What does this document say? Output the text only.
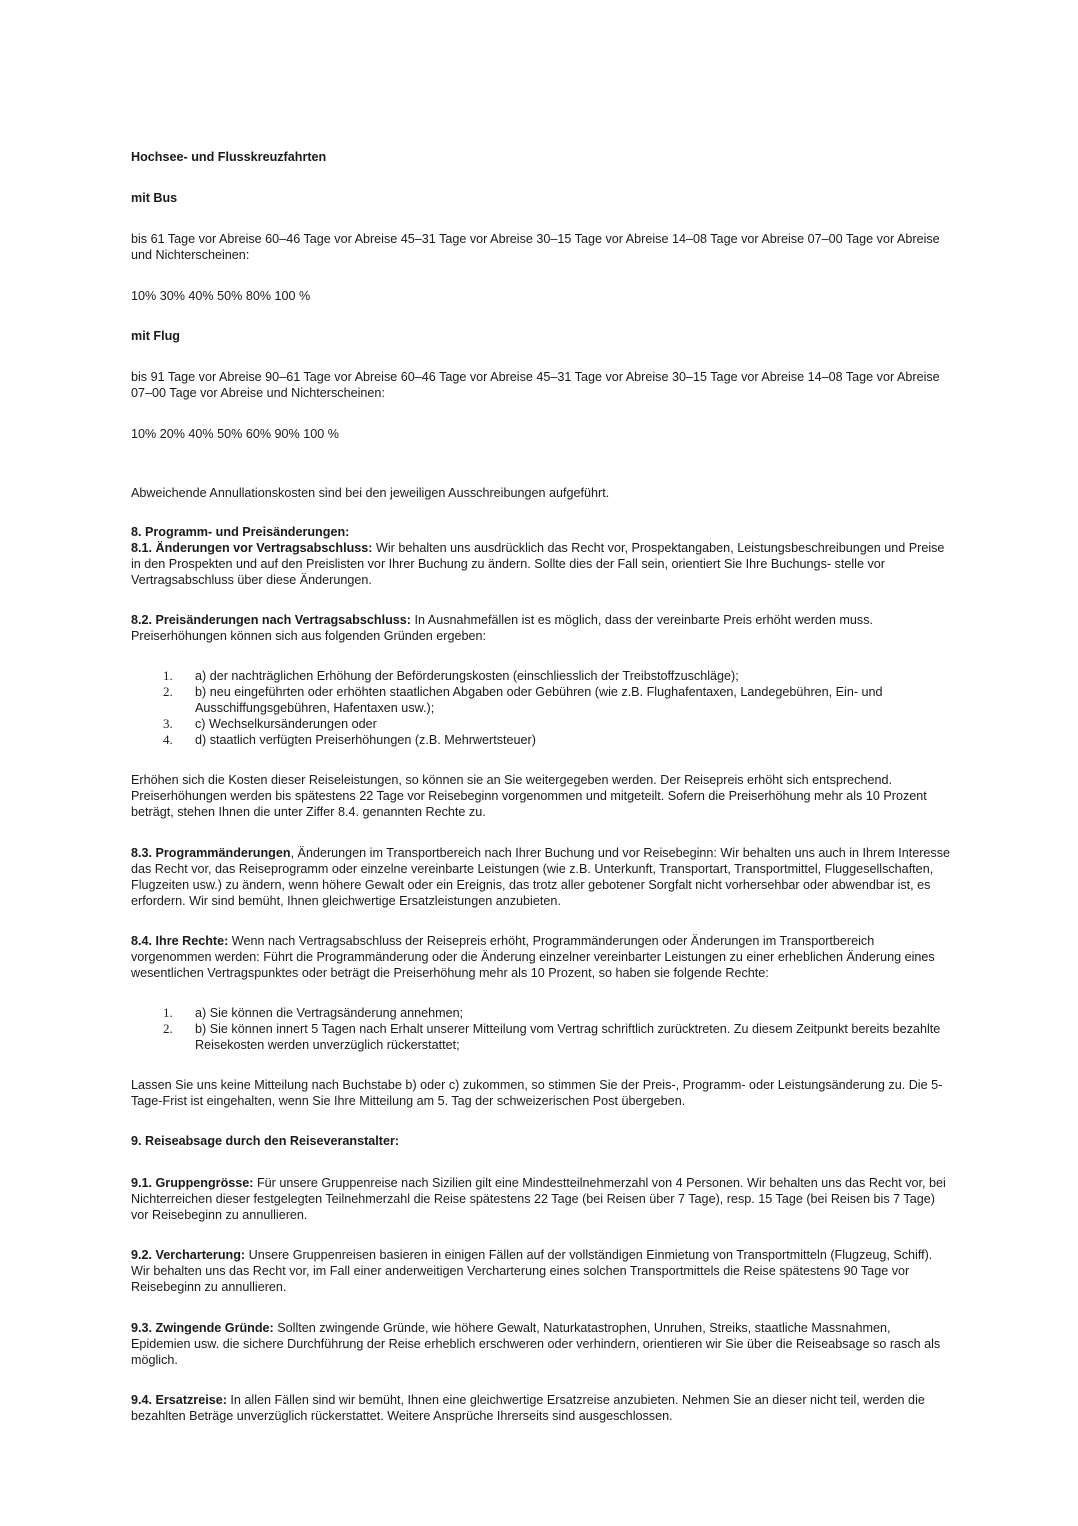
Hochsee- und Flusskreuzfahrten

mit Bus

bis 61 Tage vor Abreise 60–46 Tage vor Abreise 45–31 Tage vor Abreise 30–15 Tage vor Abreise 14–08 Tage vor Abreise 07–00 Tage vor Abreise und Nichterscheinen:

10% 30% 40% 50% 80% 100 %

mit Flug

bis 91 Tage vor Abreise 90–61 Tage vor Abreise 60–46 Tage vor Abreise 45–31 Tage vor Abreise 30–15 Tage vor Abreise 14–08 Tage vor Abreise 07–00 Tage vor Abreise und Nichterscheinen:

10% 20% 40% 50% 60% 90% 100 %

Abweichende Annullationskosten sind bei den jeweiligen Ausschreibungen aufgeführt.

8. Programm- und Preisänderungen:

8.1. Änderungen vor Vertragsabschluss: Wir behalten uns ausdrücklich das Recht vor, Prospektangaben, Leistungsbeschreibungen und Preise in den Prospekten und auf den Preislisten vor Ihrer Buchung zu ändern. Sollte dies der Fall sein, orientiert Sie Ihre Buchungs- stelle vor Vertragsabschluss über diese Änderungen.

8.2. Preisänderungen nach Vertragsabschluss: In Ausnahmefällen ist es möglich, dass der vereinbarte Preis erhöht werden muss. Preiserhöhungen können sich aus folgenden Gründen ergeben:

1. a) der nachträglichen Erhöhung der Beförderungskosten (einschliesslich der Treibstoffzuschläge);
2. b) neu eingeführten oder erhöhten staatlichen Abgaben oder Gebühren (wie z.B. Flughafentaxen, Landegebühren, Ein- und Ausschiffungsgebühren, Hafentaxen usw.);
3. c) Wechselkursänderungen oder
4. d) staatlich verfügten Preiserhöhungen (z.B. Mehrwertsteuer)

Erhöhen sich die Kosten dieser Reiseleistungen, so können sie an Sie weitergegeben werden. Der Reisepreis erhöht sich entsprechend. Preiserhöhungen werden bis spätestens 22 Tage vor Reisebeginn vorgenommen und mitgeteilt. Sofern die Preiserhöhung mehr als 10 Prozent beträgt, stehen Ihnen die unter Ziffer 8.4. genannten Rechte zu.

8.3. Programmänderungen, Änderungen im Transportbereich nach Ihrer Buchung und vor Reisebeginn: Wir behalten uns auch in Ihrem Interesse das Recht vor, das Reiseprogramm oder einzelne vereinbarte Leistungen (wie z.B. Unterkunft, Transportart, Transportmittel, Fluggesellschaften, Flugzeiten usw.) zu ändern, wenn höhere Gewalt oder ein Ereignis, das trotz aller gebotener Sorgfalt nicht vorhersehbar oder abwendbar ist, es erfordern. Wir sind bemüht, Ihnen gleichwertige Ersatzleistungen anzubieten.

8.4. Ihre Rechte: Wenn nach Vertragsabschluss der Reisepreis erhöht, Programmänderungen oder Änderungen im Transportbereich vorgenommen werden: Führt die Programmänderung oder die Änderung einzelner vereinbarter Leistungen zu einer erheblichen Änderung eines wesentlichen Vertragspunktes oder beträgt die Preiserhöhung mehr als 10 Prozent, so haben sie folgende Rechte:

1. a) Sie können die Vertragsänderung annehmen;
2. b) Sie können innert 5 Tagen nach Erhalt unserer Mitteilung vom Vertrag schriftlich zurücktreten. Zu diesem Zeitpunkt bereits bezahlte Reisekosten werden unverzüglich rückerstattet;

Lassen Sie uns keine Mitteilung nach Buchstabe b) oder c) zukommen, so stimmen Sie der Preis-, Programm- oder Leistungsänderung zu. Die 5-Tage-Frist ist eingehalten, wenn Sie Ihre Mitteilung am 5. Tag der schweizerischen Post übergeben.

9. Reiseabsage durch den Reiseveranstalter:

9.1. Gruppengrösse: Für unsere Gruppenreise nach Sizilien gilt eine Mindestteilnehmerzahl von 4 Personen. Wir behalten uns das Recht vor, bei Nichterreichen dieser festgelegten Teilnehmerzahl die Reise spätestens 22 Tage (bei Reisen über 7 Tage), resp. 15 Tage (bei Reisen bis 7 Tage) vor Reisebeginn zu annullieren.

9.2. Vercharterung: Unsere Gruppenreisen basieren in einigen Fällen auf der vollständigen Einmietung von Transportmitteln (Flugzeug, Schiff). Wir behalten uns das Recht vor, im Fall einer anderweitigen Vercharterung eines solchen Transportmittels die Reise spätestens 90 Tage vor Reisebeginn zu annullieren.

9.3. Zwingende Gründe: Sollten zwingende Gründe, wie höhere Gewalt, Naturkatastrophen, Unruhen, Streiks, staatliche Massnahmen, Epidemien usw. die sichere Durchführung der Reise erheblich erschweren oder verhindern, orientieren wir Sie über die Reiseabsage so rasch als möglich.

9.4. Ersatzreise: In allen Fällen sind wir bemüht, Ihnen eine gleichwertige Ersatzreise anzubieten. Nehmen Sie an dieser nicht teil, werden die bezahlten Beträge unverzüglich rückerstattet. Weitere Ansprüche Ihrerseits sind ausgeschlossen.
